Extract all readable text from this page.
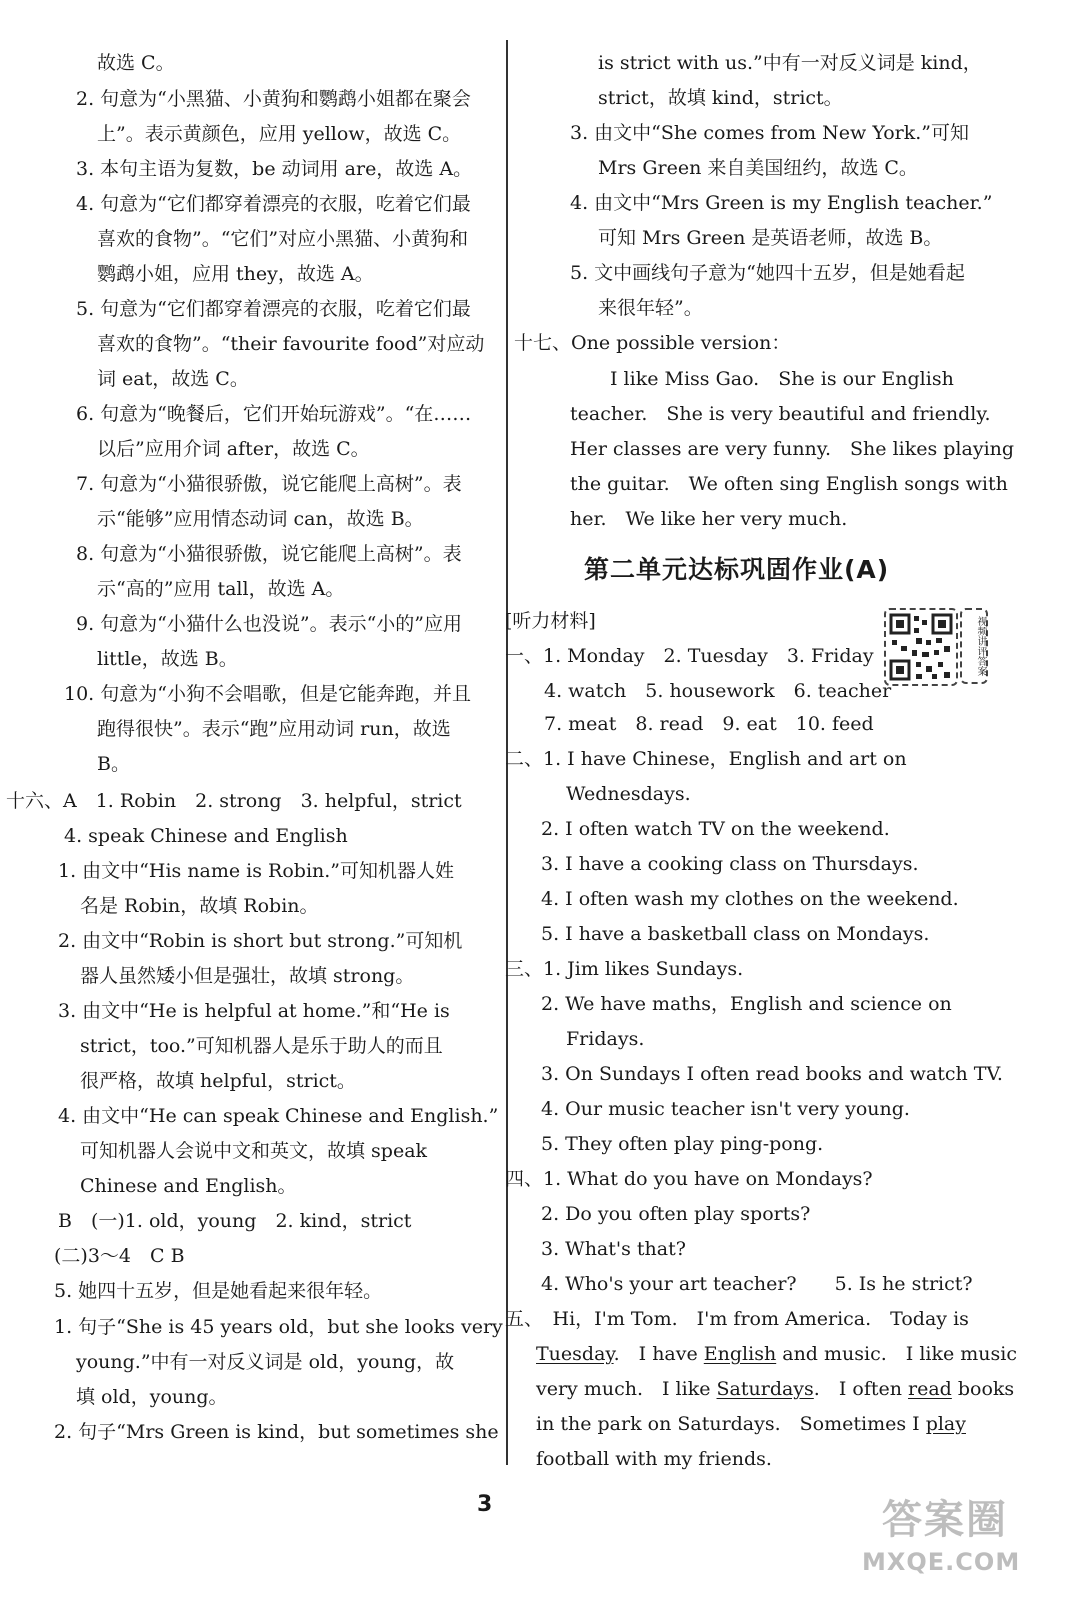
故选 C。
2. 句意为“小黑猫、小黄狗和鹦鹉小姐都在聚会
上”。表示黄颜色，应用 yellow，故选 C。
3. 本句主语为复数，be 动词用 are，故选 A。
4. 句意为“它们都穿着漂亮的衣服，吃着它们最
喜欢的食物”。“它们”对应小黑猫、小黄狗和
鹦鹉小姐，应用 they，故选 A。
5. 句意为“它们都穿着漂亮的衣服，吃着它们最
喜欢的食物”。“their favourite food”对应动
词 eat，故选 C。
6. 句意为“晚餐后，它们开始玩游戏”。“在……
以后”应用介词 after，故选 C。
7. 句意为“小猫很骄傲，说它能爬上高树”。表
示“能够”应用情态动词 can，故选 B。
8. 句意为“小猫很骄傲，说它能爬上高树”。表
示“高的”应用 tall，故选 A。
9. 句意为“小猫什么也没说”。表示“小的”应用
little，故选 B。
10. 句意为“小狗不会唱歌，但是它能奔跑，并且
跑得很快”。表示“跑”应用动词 run，故选
B。
十六、A　1. Robin　2. strong　3. helpful，strict
4. speak Chinese and English
1. 由文中“His name is Robin.”可知机器人姓
名是 Robin，故填 Robin。
2. 由文中“Robin is short but strong.”可知机
器人虽然矮小但是强壮，故填 strong。
3. 由文中“He is helpful at home.”和“He is
strict，too.”可知机器人是乐于助人的而且
很严格，故填 helpful，strict。
4. 由文中“He can speak Chinese and English.”
可知机器人会说中文和英文，故填 speak
Chinese and English。
B　(一)1. old，young　2. kind，strict
(二)3～4　C B
5. 她四十五岁，但是她看起来很年轻。
1. 句子“She is 45 years old，but she looks very
young.”中有一对反义词是 old，young，故
填 old，young。
2. 句子“Mrs Green is kind，but sometimes she
is strict with us.”中有一对反义词是 kind，
strict，故填 kind，strict。
3. 由文中“She comes from New York.”可知
Mrs Green 来自美国纽约，故选 C。
4. 由文中“Mrs Green is my English teacher.”
可知 Mrs Green 是英语老师，故选 B。
5. 文中画线句子意为“她四十五岁，但是她看起
来很年轻”。
十七、One possible version：
I like Miss Gao.　She is our English
teacher.　She is very beautiful and friendly.
Her classes are very funny.　She likes playing
the guitar.　We often sing English songs with
her.　We like her very much.
第二单元达标巩固作业(A)
[听力材料]	视频讲评答案
一、1. Monday　2. Tuesday　3. Friday
4. watch　5. housework　6. teacher
7. meat　8. read　9. eat　10. feed
二、1. I have Chinese，English and art on
Wednesdays.
2. I often watch TV on the weekend.
3. I have a cooking class on Thursdays.
4. I often wash my clothes on the weekend.
5. I have a basketball class on Mondays.
三、1. Jim likes Sundays.
2. We have maths，English and science on
Fridays.
3. On Sundays I often read books and watch TV.
4. Our music teacher isn't very young.
5. They often play ping-pong.
四、1. What do you have on Mondays?
2. Do you often play sports?
3. What's that?
4. Who's your art teacher?　　5. Is he strict?
五、　Hi，I'm Tom.　I'm from America.　Today is
Tuesday.　I have English and music.　I like music
very much.　I like Saturdays.　I often read books
in the park on Saturdays.　Sometimes I play
football with my friends.
3	答案圈
MXQE.COM
